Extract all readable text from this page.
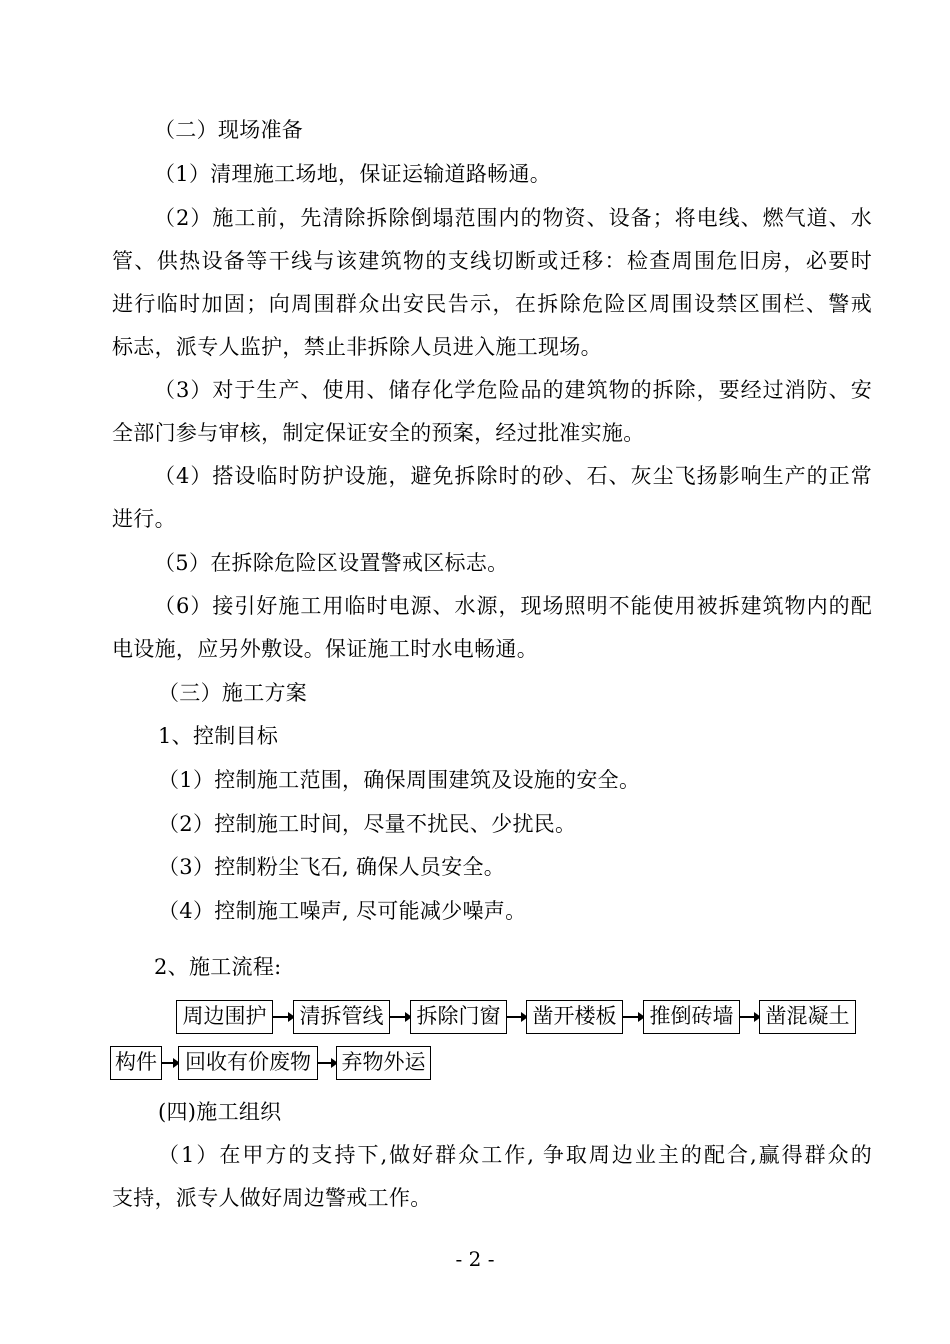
（二）现场准备
（1）清理施工场地，保证运输道路畅通。
（2）施工前，先清除拆除倒塌范围内的物资、设备；将电线、燃气道、水
管、供热设备等干线与该建筑物的支线切断或迁移：检查周围危旧房，必要时
进行临时加固；向周围群众出安民告示，在拆除危险区周围设禁区围栏、警戒
标志，派专人监护，禁止非拆除人员进入施工现场。
（3）对于生产、使用、储存化学危险品的建筑物的拆除，要经过消防、安
全部门参与审核，制定保证安全的预案，经过批准实施。
（4）搭设临时防护设施，避免拆除时的砂、石、灰尘飞扬影响生产的正常
进行。
（5）在拆除危险区设置警戒区标志。
（6）接引好施工用临时电源、水源，现场照明不能使用被拆建筑物内的配
电设施，应另外敷设。保证施工时水电畅通。
（三）施工方案
1、控制目标
（1）控制施工范围，确保周围建筑及设施的安全。
（2）控制施工时间，尽量不扰民、少扰民。
（3）控制粉尘飞石, 确保人员安全。
（4）控制施工噪声, 尽可能减少噪声。
2、施工流程:
周边围护	清拆管线	拆除门窗	凿开楼板	推倒砖墙	凿混凝土
构件	回收有价废物	弃物外运
(四)施工组织
（1）在甲方的支持下,做好群众工作, 争取周边业主的配合,赢得群众的
支持，派专人做好周边警戒工作。
- 2 -
